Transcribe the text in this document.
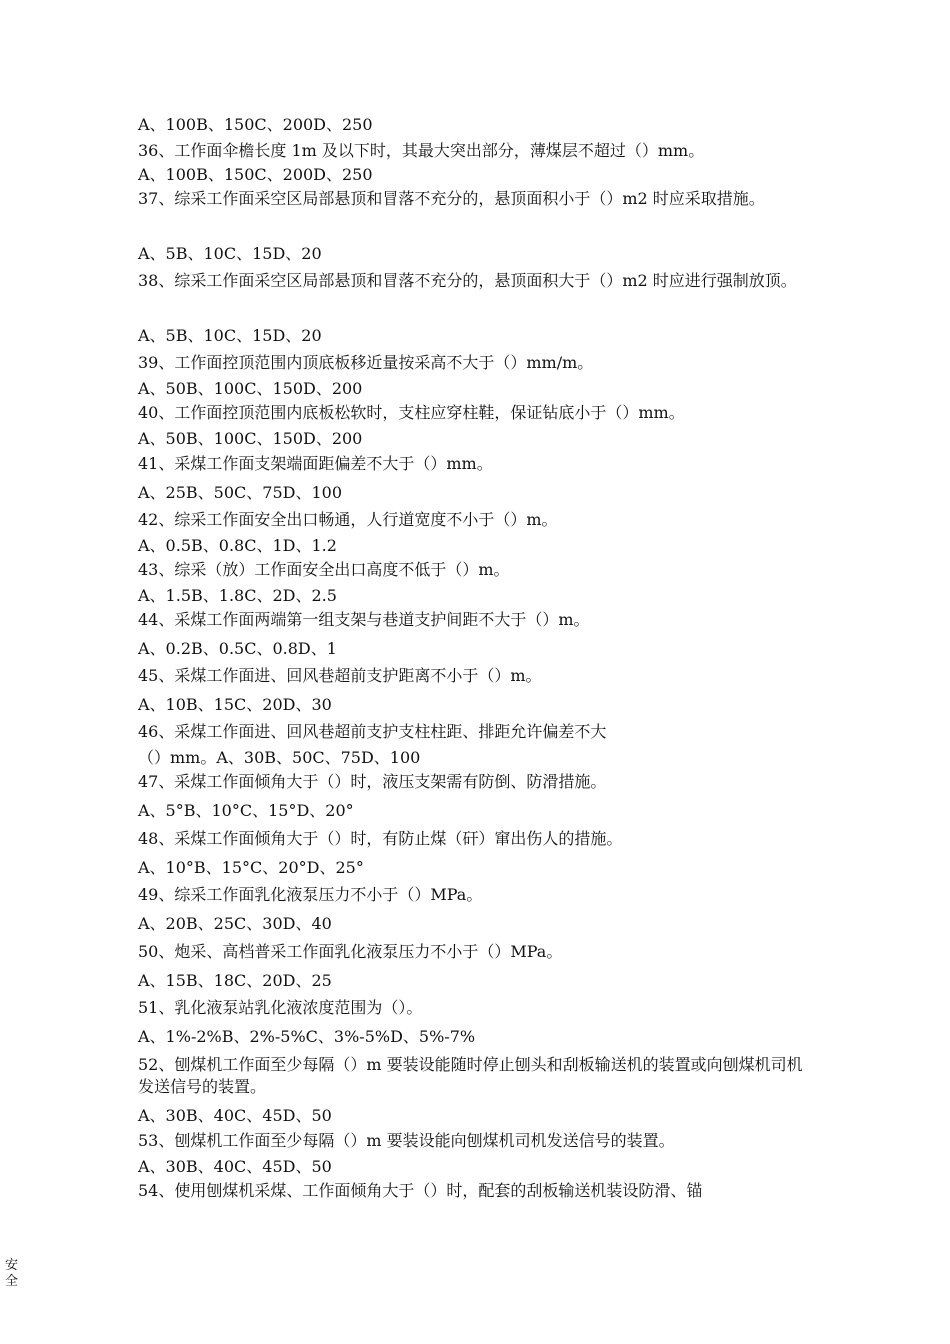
A、100B、150C、200D、250
36、工作面伞檐长度 1m 及以下时，其最大突出部分，薄煤层不超过（）mm。
A、100B、150C、200D、250
37、综采工作面采空区局部悬顶和冒落不充分的，悬顶面积小于（）m2 时应采取措施。
A、5B、10C、15D、20
38、综采工作面采空区局部悬顶和冒落不充分的，悬顶面积大于（）m2 时应进行强制放顶。
A、5B、10C、15D、20
39、工作面控顶范围内顶底板移近量按采高不大于（）mm/m。
A、50B、100C、150D、200
40、工作面控顶范围内底板松软时，支柱应穿柱鞋，保证钻底小于（）mm。
A、50B、100C、150D、200
41、采煤工作面支架端面距偏差不大于（）mm。
A、25B、50C、75D、100
42、综采工作面安全出口畅通，人行道宽度不小于（）m。
A、0.5B、0.8C、1D、1.2
43、综采（放）工作面安全出口高度不低于（）m。
A、1.5B、1.8C、2D、2.5
44、采煤工作面两端第一组支架与巷道支护间距不大于（）m。
A、0.2B、0.5C、0.8D、1
45、采煤工作面进、回风巷超前支护距离不小于（）m。
A、10B、15C、20D、30
46、采煤工作面进、回风巷超前支护支柱柱距、排距允许偏差不大
（）mm。A、30B、50C、75D、100
47、采煤工作面倾角大于（）时，液压支架需有防倒、防滑措施。
A、5°B、10°C、15°D、20°
48、采煤工作面倾角大于（）时，有防止煤（矸）窜出伤人的措施。
A、10°B、15°C、20°D、25°
49、综采工作面乳化液泵压力不小于（）MPa。
A、20B、25C、30D、40
50、炮采、高档普采工作面乳化液泵压力不小于（）MPa。
A、15B、18C、20D、25
51、乳化液泵站乳化液浓度范围为（）。
A、1%-2%B、2%-5%C、3%-5%D、5%-7%
52、刨煤机工作面至少每隔（）m 要装设能随时停止刨头和刮板输送机的装置或向刨煤机司机发送信号的装置。
A、30B、40C、45D、50
53、刨煤机工作面至少每隔（）m 要装设能向刨煤机司机发送信号的装置。
A、30B、40C、45D、50
54、使用刨煤机采煤、工作面倾角大于（）时，配套的刮板输送机装设防滑、锚
安
全
